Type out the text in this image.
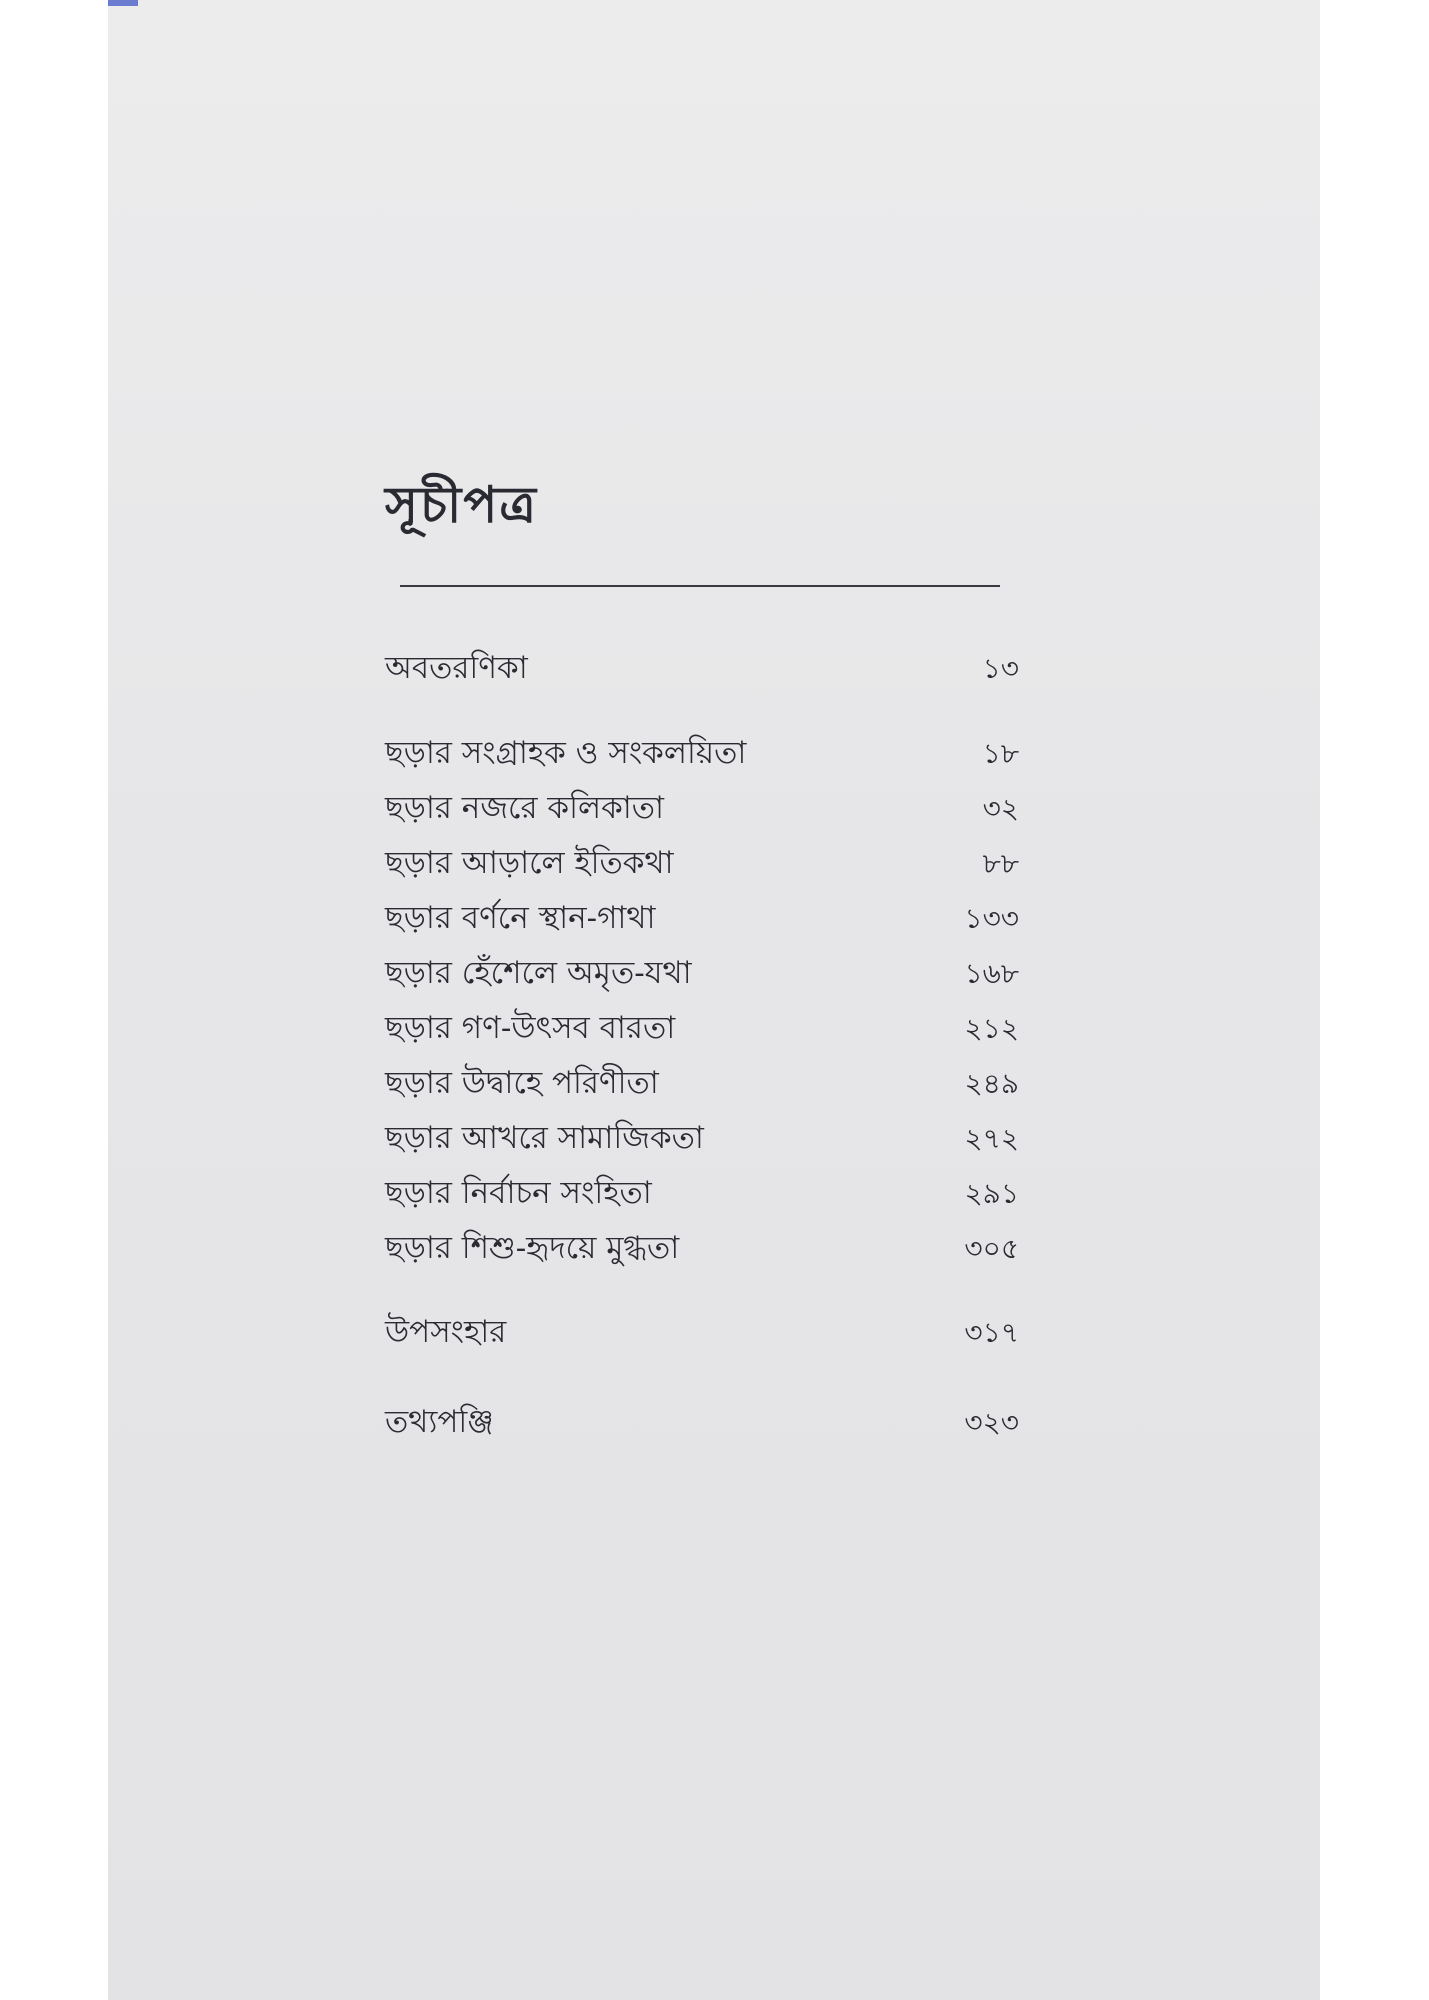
সূচীপত্র
অবতরণিকা	১৩
ছড়ার সংগ্রাহক ও সংকলয়িতা	১৮
ছড়ার নজরে কলিকাতা	৩২
ছড়ার আড়ালে ইতিকথা	৮৮
ছড়ার বর্ণনে স্থান-গাথা	১৩৩
ছড়ার হেঁশেলে অমৃত-যথা	১৬৮
ছড়ার গণ-উৎসব বারতা	২১২
ছড়ার উদ্বাহে পরিণীতা	২৪৯
ছড়ার আখরে সামাজিকতা	২৭২
ছড়ার নির্বাচন সংহিতা	২৯১
ছড়ার শিশু-হৃদয়ে মুগ্ধতা	৩০৫
উপসংহার	৩১৭
তথ্যপঞ্জি	৩২৩
